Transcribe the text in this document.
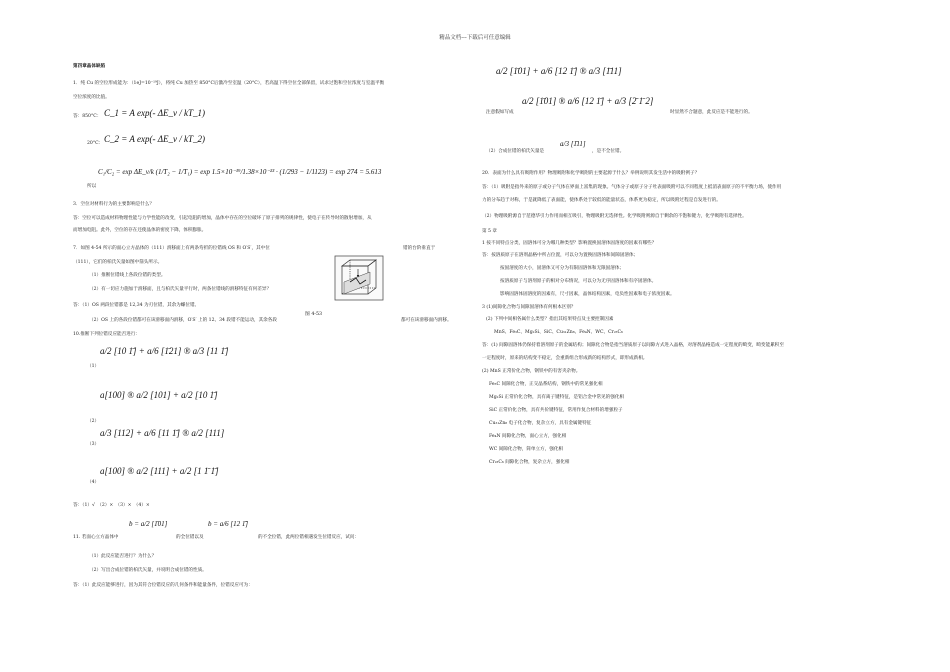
精品文档---下载后可任意编辑
第四章晶体缺陷
1．纯 Cu 的空位形成能为：（1eJ=10⁻¹⁹J），将纯 Cu 加热至 850°C后激冷至室温（20°C），若高温下得空位全部保留，试求过饱和空位浓度与室温平衡
空位浓度的比值。
答：850°C： C_1 = A exp(- ΔE_v / kT_1)
20°C： C_2 = A exp(- ΔE_v / kT_2)
所以
C₁/C₂ = exp ΔE_v/k (1/T₂ − 1/T₁) = exp 1.5×10⁻¹⁹/1.38×10⁻²³ · (1/293 − 1/1123) = exp 274 = 5.613
3．空位对材料行为的主要影响是什么？
答：空位可以造成材料物理性能与力学性能的改变，引起电阻的增加，晶体中存在的空位破坏了原子排列的规律性，使电子在传导时的散射增加，从
而增加电阻。此外，空位的存在还使晶体的密度下降，体积膨胀。
7．如图 4-54 所示的面心立方晶体的（111）滑移面上有两条弯折的位错线 OS 和 O′S′，其中位	错的台阶垂直于
（111），它们的柏氏矢量如图中箭头所示。
（1）推断位错线上各段位错的类型。
（2）有一切应力施加于滑移面，且与柏氏矢量平行时，两条位错线的滑移特征有何差异？
答：（1）OS 两段位错都是 12,34 为刃位错，其余为螺位错。
（2）OS 上的各段位错都可在该滑移面内滑移，O′S′ 上的 12、34 段错不能运动，其余各段	都可在该滑移面内滑移。
10.推断下列位错反应能否进行：
（1）
a/2 [10 1̄] + a/6 [1̄21] ® a/3 [11 1̄]
（2）
a[100] ® a/2 [101] + a/2 [10 1̄]
（3）
a/3 [112] + a/6 [11 1̄] ® a/2 [111]
（4）
a[100] ® a/2 [111] + a/2 [1 1̄ 1̄]
答：（1）√　（2）×　（3）×　（4）×
11. 若面心立方晶体中
b = a/2 [1̄01]
的全位错以及
b = a/6 [12 1̄]
的不全位错，此两位错相遇发生位错反应，试问：
（1）此反应能否进行？为什么？
（2）写出合成位错的柏氏矢量，并说明合成位错的性质。
答：（1）此反应能够进行，因为其符合位错反应的几何条件和能量条件，位错反应可为：
图 4-53
a/2 [1̄01] + a/6 [12 1̄] ® a/3 [1̄11]
注意假如写成
a/2 [1̄01] ® a/6 [12 1̄] + a/3 [2̄ 1̄ 2]
时显然不合题意，此反应是不能进行的。
（2）合成位错的柏氏矢量是
a/3 [1̄11]
，是不全位错。
20．表面为什么具有吸附作用？物理吸附和化学吸附的主要起源于什么？举例说明其发生活中的吸附例子？
答：（1）吸附是指外来的原子或分子气体在界面上富集的现象。气体分子或原子分子吐表面吸附可以不同程度上抵消表面原子的不平衡力场，使作用
力的分布趋于对称，于是就降低了表面能，使体系处于较低的能量状态，体系更为稳定，所以吸附过程是自发进行的。
（2）物理吸附源自于范德华引力作用而相互吸引，物理吸附无选择性。化学吸附则源自于剩余的不饱和键力，化学吸附有选择性。
第 5 章
1 按不同特点分类，固溶体可分为哪几种类型？影响置换固溶体固溶度的因素有哪些？
答：按溶质原子在溶剂晶格中所占位置，可以分为置换固溶体和间隙固溶体；
按固溶度的大小，固溶体又可分为有限固溶体和无限固溶体；
按溶质原子与溶剂原子的相对分布情况，可以分为无序固溶体和有序固溶体。
影响固溶体固溶度的因素有，尺寸因素，晶体结构因素，电负性因素和电子浓度因素。
3 (1)间隙化合物与间隙固溶体有何根本区别？
(2) 下列中间相各属什么类型？指出其结果特点及主要控制因素
MnS、Fe₃C、Mg₂Si、SiC、Cu₃₁Zn₈、Fe₄N、WC、Cr₂₃C₆
答：(1) 间隙固溶体仍保持着溶剂原子的金属结构；间隙化合物是指当溶质原子以间隙方式进入晶格，对溶剂晶格造成一定程度的畸变，畸变能累积至
一定程度时，原来的结构变不稳定，会重新组合形成新的结构形式，即形成新相。
(2) MnS 正常价化合物，钢铁中的有害夹杂物。
Fe₃C 间隙化合物，正交晶系结构，钢铁中的常见强化相
Mg₂Si 正常价化合物，具有离子键特征，是铝合金中常见的强化相
SiC 正常价化合物，具有共价键特征，常用作复合材料的增强粒子
Cu₃₁Zn₈ 电子化合物，复杂立方，具有金属键特征
Fe₄N 间隙化合物，面心立方，强化相
WC 间隙化合物，简单立方，强化相
Cr₂₃C₆ 间隙化合物，复杂立方，强化相
